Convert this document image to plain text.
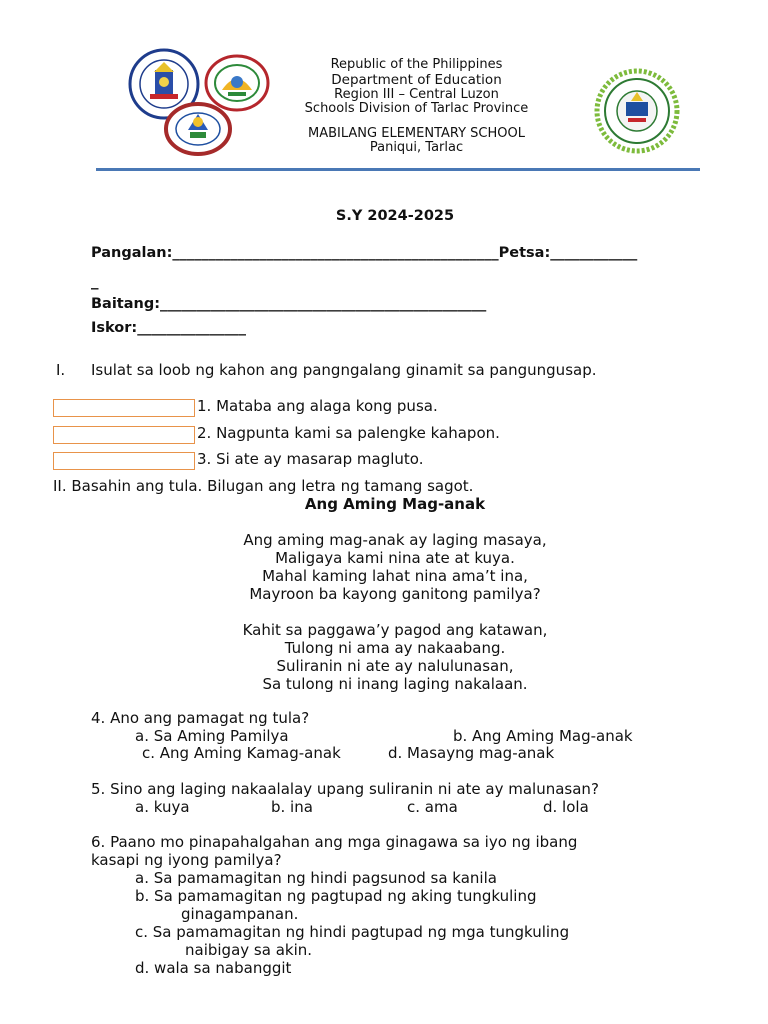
Republic of the Philippines
Department of Education
Region III – Central Luzon
Schools Division of Tarlac Province
MABILANG ELEMENTARY SCHOOL
Paniqui, Tarlac
S.Y 2024-2025
Pangalan:_____________________________________________Petsa:____________
_
Baitang:_____________________________________________
Iskor:_______________
I. Isulat sa loob ng kahon ang pangngalang ginamit sa pangungusap.
1. Mataba ang alaga kong pusa.
2. Nagpunta kami sa palengke kahapon.
3. Si ate ay masarap magluto.
II. Basahin ang tula. Bilugan ang letra ng tamang sagot.
Ang Aming Mag-anak
Ang aming mag-anak ay laging masaya,
Maligaya kami nina ate at kuya.
Mahal kaming lahat nina ama’t ina,
Mayroon ba kayong ganitong pamilya?
Kahit sa paggawa’y pagod ang katawan,
Tulong ni ama ay nakaabang.
Suliranin ni ate ay nalulunasan,
Sa tulong ni inang laging nakalaan.
4. Ano ang pamagat ng tula?
a. Sa Aming Pamilya	b. Ang Aming Mag-anak
c. Ang Aming Kamag-anak	d. Masayng mag-anak
5. Sino ang laging nakaalalay upang suliranin ni ate ay malunasan?
a. kuya	b. ina	c. ama	d. lola
6. Paano mo pinapahalgahan ang mga ginagawa sa iyo ng ibang
kasapi ng iyong pamilya?
a. Sa pamamagitan ng hindi pagsunod sa kanila
b. Sa pamamagitan ng pagtupad ng aking tungkuling
ginagampanan.
c. Sa pamamagitan ng hindi pagtupad ng mga tungkuling
naibigay sa akin.
d. wala sa nabanggit
